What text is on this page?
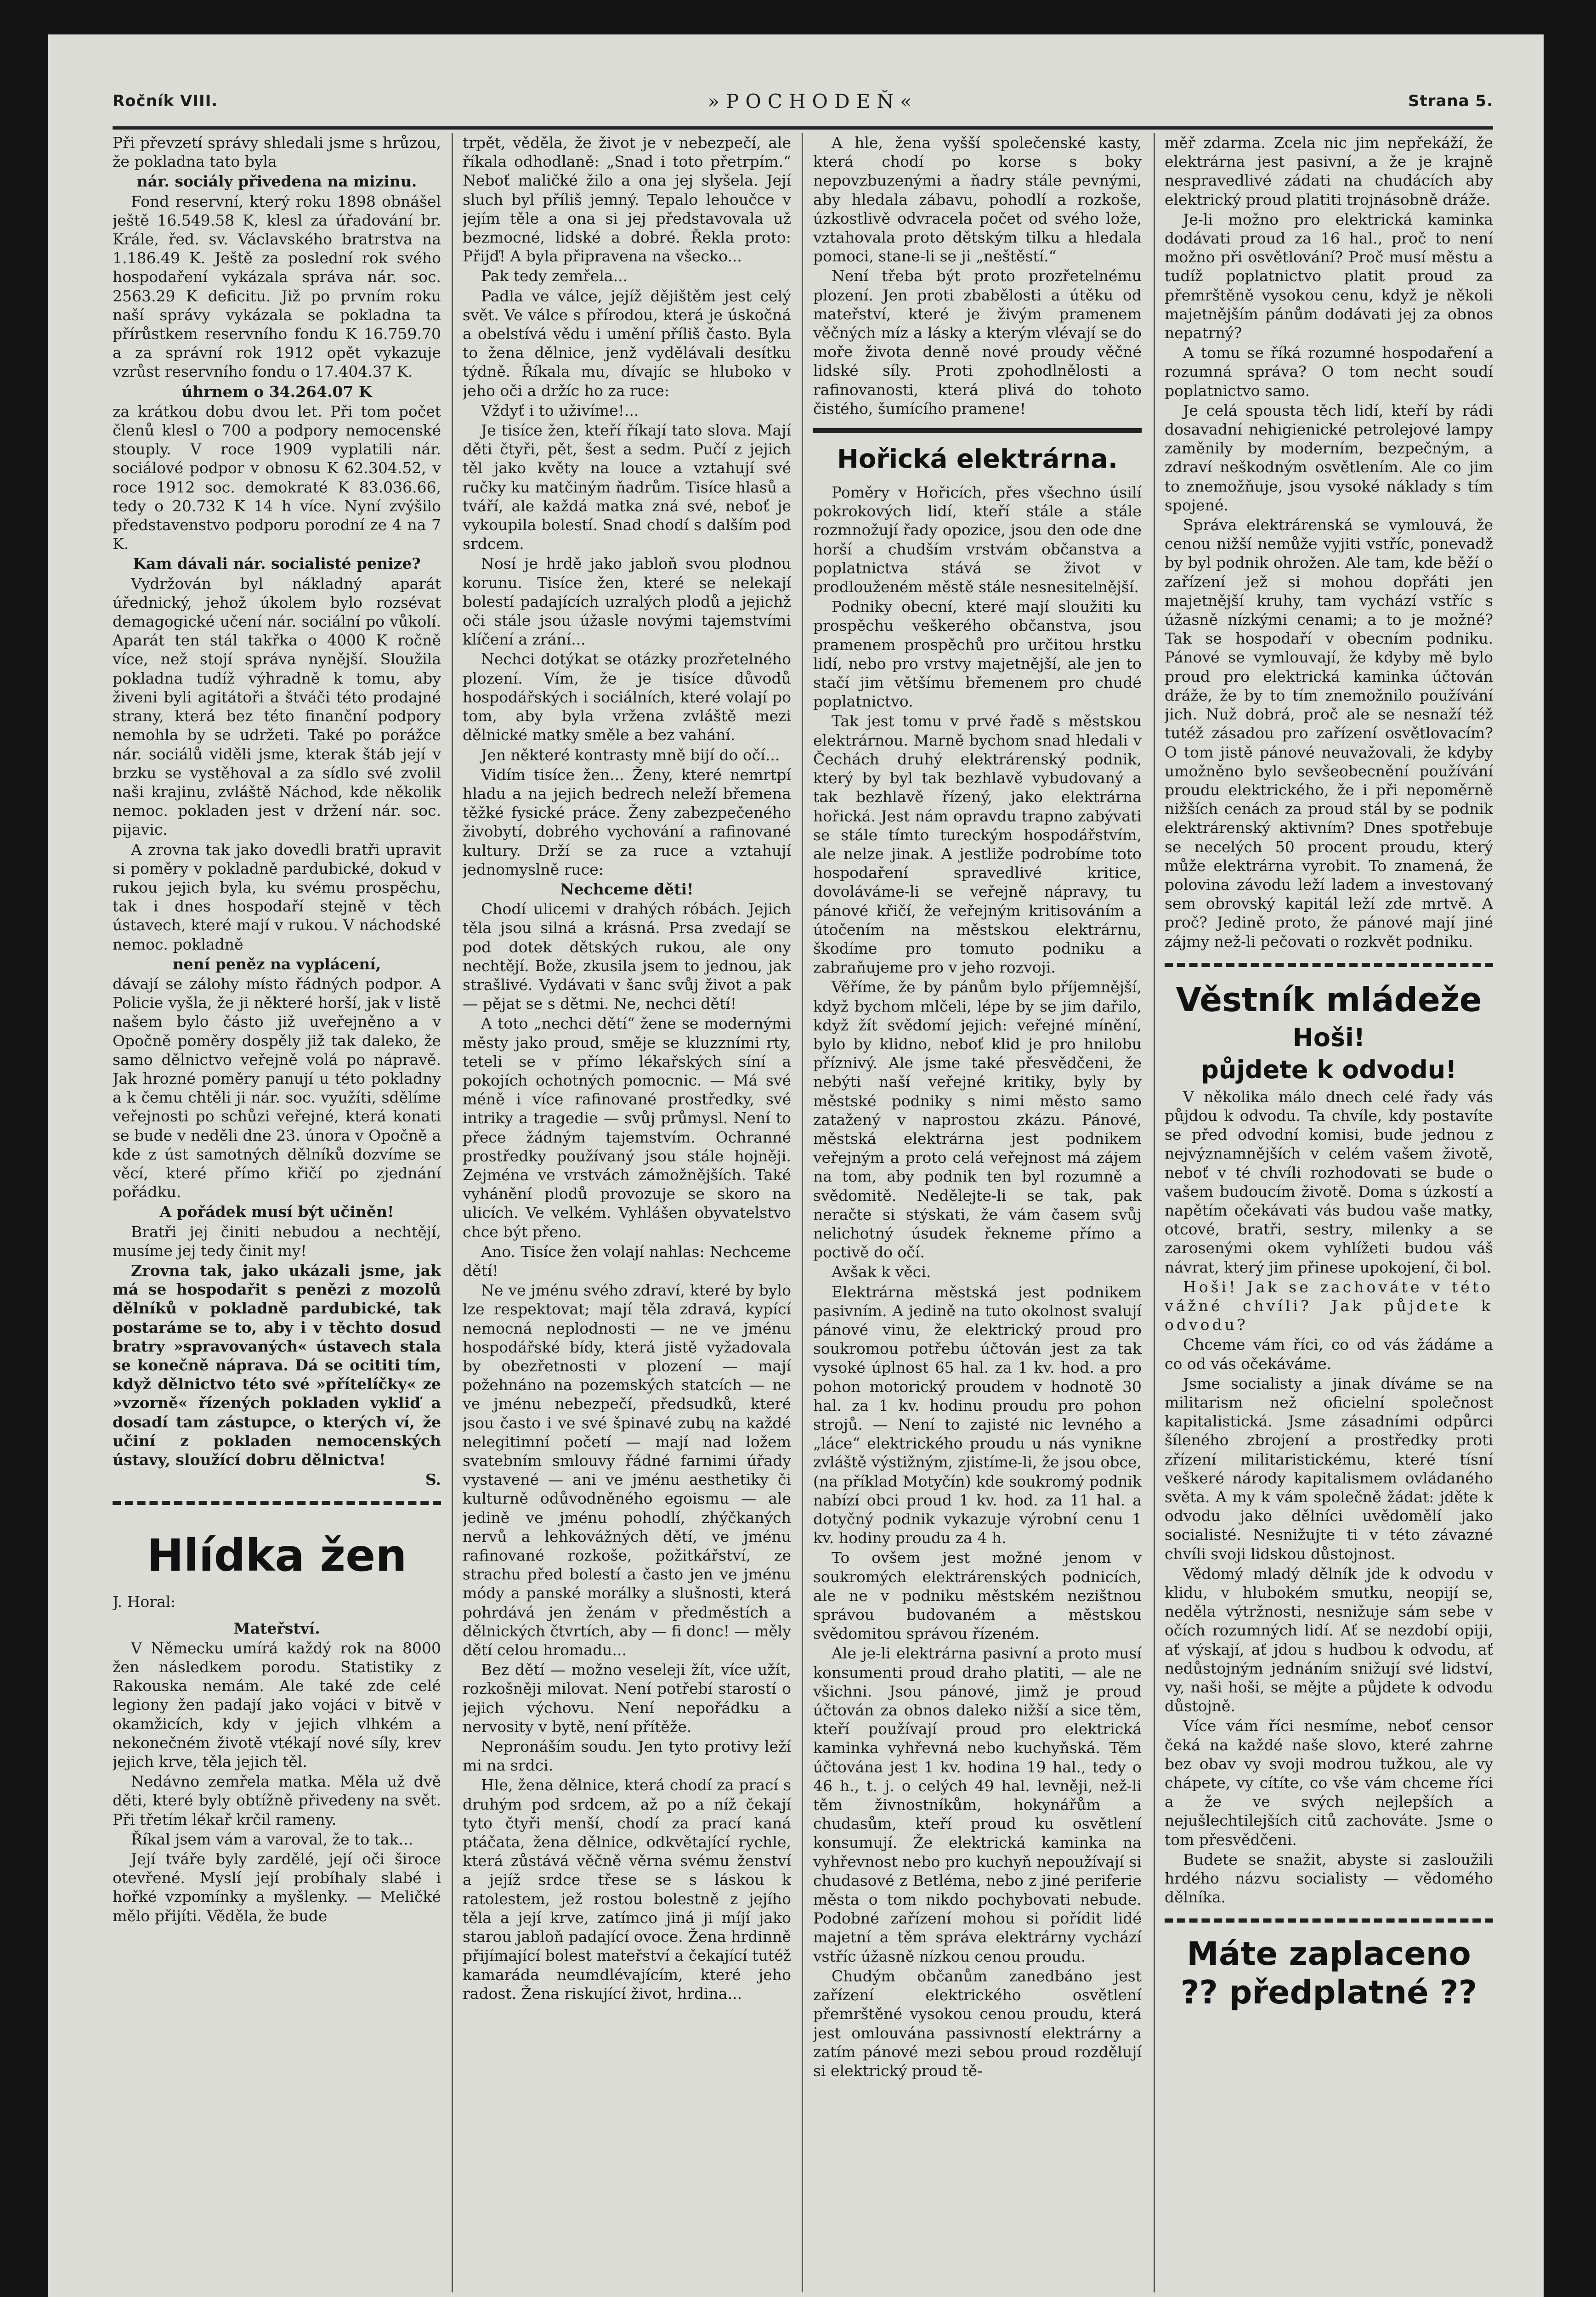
Ročník VIII.	»POCHODEŇ«	Strana 5.

Při převzetí správy shledali jsme s hrůzou, že pokladna tato byla

nár. sociály přivedena na mizinu.

Fond reservní, který roku 1898 obnášel ještě 16.549.58 K, klesl za úřadování br. Krále, řed. sv. Václavského bratrstva na 1.186.49 K. Ještě za poslední rok svého hospodaření vykázala správa nár. soc. 2563.29 K deficitu. Již po prvním roku naší správy vykázala se pokladna ta přírůstkem reservního fondu K 16.759.70 a za správní rok 1912 opět vykazuje vzrůst reservního fondu o 17.404.37 K.

úhrnem o 34.264.07 K

za krátkou dobu dvou let. Při tom počet členů klesl o 700 a podpory nemocenské stouply. V roce 1909 vyplatili nár. sociálové podpor v obnosu K 62.304.52, v roce 1912 soc. demokraté K 83.036.66, tedy o 20.732 K 14 h více. Nyní zvýšilo představenstvo podporu porodní ze 4 na 7 K.

Kam dávali nár. socialisté penize?

Vydržován byl nákladný aparát úřednický, jehož úkolem bylo rozsévat demagogické učení nár. sociální po vůkolí. Aparát ten stál takřka o 4000 K ročně více, než stojí správa nynější. Sloužila pokladna tudíž výhradně k tomu, aby živeni byli agitátoři a štváči této prodajné strany, která bez této finanční podpory nemohla by se udržeti. Také po porážce nár. sociálů viděli jsme, kterak štáb její v brzku se vystěhoval a za sídlo své zvolil naši krajinu, zvláště Náchod, kde několik nemoc. pokladen jest v držení nár. soc. pijavic.

A zrovna tak jako dovedli bratři upravit si poměry v pokladně pardubické, dokud v rukou jejich byla, ku svému prospěchu, tak i dnes hospodaří stejně v těch ústavech, které mají v rukou. V náchodské nemoc. pokladně

není peněz na vyplácení,

dávají se zálohy místo řádných podpor. A Policie vyšla, že ji některé horší, jak v listě našem bylo částo již uveřejněno a v Opočně poměry dospěly již tak daleko, že samo dělnictvo veřejně volá po nápravě. Jak hrozné poměry panují u této pokladny a k čemu chtěli ji nár. soc. využíti, sdělíme veřejnosti po schůzi veřejné, která konati se bude v neděli dne 23. února v Opočně a kde z úst samotných dělníků dozvíme se věcí, které přímo křičí po zjednání pořádku.

A pořádek musí být učiněn!

Bratři jej činiti nebudou a nechtějí, musíme jej tedy činit my!

Zrovna tak, jako ukázali jsme, jak má se hospodařit s penězi z mozolů dělníků v pokladně pardubické, tak postaráme se to, aby i v těchto dosud bratry »spravovaných« ústavech stala se konečně náprava. Dá se ocititi tím, když dělnictvo této své »přítelíčky« ze »vzorně« řízených pokladen vykliď a dosadí tam zástupce, o kterých ví, že učiní z pokladen nemocenských ústavy, sloužící dobru dělnictva!

S.
Hlídka žen

J. Horal:

Mateřství.

V Německu umírá každý rok na 8000 žen následkem porodu. Statistiky z Rakouska nemám. Ale také zde celé legiony žen padají jako vojáci v bitvě v okamžicích, kdy v jejich vlhkém a nekonečném životě vtékají nové síly, krev jejich krve, těla jejich těl.

Nedávno zemřela matka. Měla už dvě děti, které byly obtížně přivedeny na svět. Při třetím lékař krčil rameny.

Říkal jsem vám a varoval, že to tak...

Její tváře byly zardělé, její oči široce otevřené. Myslí její probíhaly slabé i hořké vzpomínky a myšlenky. — Meličké mělo přijíti. Věděla, že bude

trpět, věděla, že život je v nebezpečí, ale říkala odhodlaně: „Snad i toto přetrpím.“ Neboť maličké žilo a ona jej slyšela. Její sluch byl příliš jemný. Tepalo lehoučce v jejím těle a ona si jej představovala už bezmocné, lidské a dobré. Řekla proto: Přijď! A byla připravena na všecko...

Pak tedy zemřela...

Padla ve válce, jejíž dějištěm jest celý svět. Ve válce s přírodou, která je úskočná a obelstívá vědu i umění příliš často. Byla to žena dělnice, jenž vydělávali desítku týdně. Říkala mu, dívajíc se hluboko v jeho oči a držíc ho za ruce:

Vždyť i to uživíme!...

Je tisíce žen, kteří říkají tato slova. Mají děti čtyři, pět, šest a sedm. Pučí z jejich těl jako květy na louce a vztahují své ručky ku matčiným ňadrům. Tisíce hlasů a tváří, ale každá matka zná své, neboť je vykoupila bolestí. Snad chodí s dalším pod srdcem.

Nosí je hrdě jako jabloň svou plodnou korunu. Tisíce žen, které se nelekají bolestí padajících uzralých plodů a jejichž oči stále jsou úžasle novými tajemstvími klíčení a zrání...

Nechci dotýkat se otázky prozřetelného plození. Vím, že je tisíce důvodů hospodářských i sociálních, které volají po tom, aby byla vržena zvláště mezi dělnické matky směle a bez vahání.

Jen některé kontrasty mně bijí do očí...

Vidím tisíce žen... Ženy, které nemrtpí hladu a na jejich bedrech neleží břemena těžké fysické práce. Ženy zabezpečeného živobytí, dobrého vychování a rafinované kultury. Drží se za ruce a vztahují jednomyslně ruce:

Nechceme děti!

Chodí ulicemi v drahých róbách. Jejich těla jsou silná a krásná. Prsa zvedají se pod dotek dětských rukou, ale ony nechtějí. Bože, zkusila jsem to jednou, jak strašlivé. Vydávati v šanc svůj život a pak — pějat se s dětmi. Ne, nechci dětí!

A toto „nechci dětí“ žene se modernými městy jako proud, směje se kluzzními rty, teteli se v přímo lékařských síní a pokojích ochotných pomocnic. — Má své méně i více rafinované prostředky, své intriky a tragedie — svůj průmysl. Není to přece žádným tajemstvím. Ochranné prostředky používaný jsou stále hojněji. Zejména ve vrstvách zámožnějších. Také vyhánění plodů provozuje se skoro na ulicích. Ve velkém. Vyhlášen obyvatelstvo chce být přeno.

Ano. Tisíce žen volají nahlas: Nechceme dětí!

Ne ve jménu svého zdraví, které by bylo lze respektovat; mají těla zdravá, kypící nemocná neplodnosti — ne ve jménu hospodářské bídy, která jistě vyžadovala by obezřetnosti v plození — mají požehnáno na pozemských statcích — ne ve jménu nebezpečí, předsudků, které jsou často i ve své špinavé zubų na každé nelegitimní početí — mají nad ložem svatebním smlouvy řádné farnimi úřady vystavené — ani ve jménu aesthetiky či kulturně odůvodněného egoismu — ale jedině ve jménu pohodlí, zhýčkaných nervů a lehkovážných dětí, ve jménu rafinované rozkoše, požitkářství, ze strachu před bolestí a často jen ve jménu módy a panské morálky a slušnosti, která pohrdává jen ženám v předměstích a dělnických čtvrtích, aby — fi donc! — měly dětí celou hromadu...

Bez dětí — možno veseleji žít, více užít, rozkošněji milovat. Není potřebí starostí o jejich výchovu. Není nepořádku a nervosity v bytě, není přítěže.

Nepronáším soudu. Jen tyto protivy leží mi na srdci.

Hle, žena dělnice, která chodí za prací s druhým pod srdcem, až po a níž čekají tyto čtyři menší, chodí za prací kaná ptáčata, žena dělnice, odkvětající rychle, která zůstává věčně věrna svému ženství a jejíž srdce třese se s láskou k ratolestem, jež rostou bolestně z jejího těla a její krve, zatímco jiná ji míjí jako starou jabloň padající ovoce. Žena hrdinně přijímající bolest mateřství a čekající tutéž kamaráda neumdlévajícím, které jeho radost. Žena riskující život, hrdina...

A hle, žena vyšší společenské kasty, která chodí po korse s boky nepovzbuzenými a ňadry stále pevnými, aby hledala zábavu, pohodlí a rozkoše, úzkostlivě odvracela počet od svého lože, vztahovala proto dětským tilku a hledala pomoci, stane-li se ji „neštěstí.“

Není třeba být proto prozřetelnému plození. Jen proti zbabělosti a útěku od mateřství, které je živým pramenem věčných míz a lásky a kterým vlévají se do moře života denně nové proudy věčné lidské síly. Proti zpohodlnělosti a rafinovanosti, která plivá do tohoto čistého, šumícího pramene!

Hořická elektrárna.

Poměry v Hořicích, přes všechno úsilí pokrokových lidí, kteří stále a stále rozmnožují řady opozice, jsou den ode dne horší a chudším vrstvám občanstva a poplatnictva stává se život v prodlouženém městě stále nesnesitelnější.

Podniky obecní, které mají sloužiti ku prospěchu veškerého občanstva, jsou pramenem prospěchů pro určitou hrstku lidí, nebo pro vrstvy majetnější, ale jen to stačí jim většímu břemenem pro chudé poplatnictvo.

Tak jest tomu v prvé řadě s městskou elektrárnou. Marně bychom snad hledali v Čechách druhý elektrárenský podnik, který by byl tak bezhlavě vybudovaný a tak bezhlavě řízený, jako elektrárna hořická. Jest nám opravdu trapno zabývati se stále tímto tureckým hospodářstvím, ale nelze jinak. A jestliže podrobíme toto hospodaření spravedlivé kritice, dovoláváme-li se veřejně nápravy, tu pánové křičí, že veřejným kritisováním a útočením na městskou elektrárnu, škodíme pro tomuto podniku a zabraňujeme pro v jeho rozvoji.

Věříme, že by pánům bylo příjemnější, když bychom mlčeli, lépe by se jim dařilo, když žít svědomí jejich: veřejné mínění, bylo by klidno, neboť klid je pro hnilobu příznivý. Ale jsme také přesvědčeni, že nebýti naší veřejné kritiky, byly by městské podniky s nimi město samo zatažený v naprostou zkázu. Pánové, městská elektrárna jest podnikem veřejným a proto celá veřejnost má zájem na tom, aby podnik ten byl rozumně a svědomitě. Nedělejte-li se tak, pak neračte si stýskati, že vám časem svůj nelichotný úsudek řekneme přímo a poctivě do očí.

Avšak k věci.

Elektrárna městská jest podnikem pasivním. A jedině na tuto okolnost svalují pánové vinu, že elektrický proud pro soukromou potřebu účtován jest za tak vysoké úplnost 65 hal. za 1 kv. hod. a pro pohon motorický proudem v hodnotě 30 hal. za 1 kv. hodinu proudu pro pohon strojů. — Není to zajisté nic levného a „láce“ elektrického proudu u nás vynikne zvláště výstižným, zjistíme-li, že jsou obce, (na příklad Motyčín) kde soukromý podnik nabízí obci proud 1 kv. hod. za 11 hal. a dotyčný podnik vykazuje výrobní cenu 1 kv. hodiny proudu za 4 h.

To ovšem jest možné jenom v soukromých elektrárenských podnicích, ale ne v podniku městském nezištnou správou budovaném a městskou svědomitou správou řízeném.

Ale je-li elektrárna pasivní a proto musí konsumenti proud draho platiti, — ale ne všichni. Jsou pánové, jimž je proud účtován za obnos daleko nižší a sice těm, kteří používají proud pro elektrická kaminka vyhřevná nebo kuchyňská. Těm účtována jest 1 kv. hodina 19 hal., tedy o 46 h., t. j. o celých 49 hal. levněji, než-li těm živnostníkům, hokynářům a chudasům, kteří proud ku osvětlení konsumují. Že elektrická kaminka na vyhřevnost nebo pro kuchyň nepoužívají si chudasové z Betléma, nebo z jiné periferie města o tom nikdo pochybovati nebude. Podobné zařízení mohou si pořídit lidé majetní a těm správa elektrárny vychází vstříc úžasně nízkou cenou proudu.

Chudým občanům zanedbáno jest zařízení elektrického osvětlení přemrštěné vysokou cenou proudu, která jest omlouvána passivností elektrárny a zatím pánové mezi sebou proud rozdělují si elektrický proud tě-

měř zdarma. Zcela nic jim nepřekáží, že elektrárna jest pasivní, a že je krajně nespravedlivé zádati na chudácích aby elektrický proud platiti trojnásobně dráže.

Je-li možno pro elektrická kaminka dodávati proud za 16 hal., proč to není možno při osvětlování? Proč musí městu a tudíž poplatnictvo platit proud za přemrštěně vysokou cenu, když je několi majetnějším pánům dodávati jej za obnos nepatrný?

A tomu se říká rozumné hospodaření a rozumná správa? O tom necht soudí poplatnictvo samo.

Je celá spousta těch lidí, kteří by rádi dosavadní nehigienické petrolejové lampy zaměnily by moderním, bezpečným, a zdraví neškodným osvětlením. Ale co jim to znemožňuje, jsou vysoké náklady s tím spojené.

Správa elektrárenská se vymlouvá, že cenou nižší nemůže vyjiti vstříc, ponevadž by byl podnik ohrožen. Ale tam, kde běží o zařízení jež si mohou dopřáti jen majetnější kruhy, tam vychází vstříc s úžasně nízkými cenami; a to je možné? Tak se hospodaří v obecním podniku. Pánové se vymlouvají, že kdyby mě bylo proud pro elektrická kaminka účtován dráže, že by to tím znemožnilo používání jich. Nuž dobrá, proč ale se nesnaží též tutéž zásadou pro zařízení osvětlovacím? O tom jistě pánové neuvažovali, že kdyby umožněno bylo sevšeobecnění používání proudu elektrického, že i při nepoměrně nižších cenách za proud stál by se podnik elektrárenský aktivním? Dnes spotřebuje se necelých 50 procent proudu, který může elektrárna vyrobit. To znamená, že polovina závodu leží ladem a investovaný sem obrovský kapitál leží zde mrtvě. A proč? Jedině proto, že pánové mají jiné zájmy než-li pečovati o rozkvět podniku.

Věstník mládeže
Hoši!
půjdete k odvodu!

V několika málo dnech celé řady vás půjdou k odvodu. Ta chvíle, kdy postavíte se před odvodní komisi, bude jednou z nejvýznamnějších v celém vašem životě, neboť v té chvíli rozhodovati se bude o vašem budoucím životě. Doma s úzkostí a napětím očekávati vás budou vaše matky, otcové, bratři, sestry, milenky a se zarosenými okem vyhlížeti budou váš návrat, který jim přinese upokojení, či bol.

Hoši! Jak se zachováte v této vážné chvíli? Jak půjdete k odvodu?

Chceme vám říci, co od vás žádáme a co od vás očekáváme.

Jsme socialisty a jinak díváme se na militarism než oficielní společnost kapitalistická. Jsme zásadními odpůrci šíleného zbrojení a prostředky proti zřízení militaristickému, které tísní veškeré národy kapitalismem ovládaného světa. A my k vám společně žádat: jděte k odvodu jako dělníci uvědomělí jako socialisté. Nesnižujte ti v této závazné chvíli svoji lidskou důstojnost.

Vědomý mladý dělník jde k odvodu v klidu, v hlubokém smutku, neopijí se, neděla výtržnosti, nesnižuje sám sebe v očích rozumných lidí. Ať se nezdobí opiji, ať výskají, ať jdou s hudbou k odvodu, ať nedůstojným jednáním snižují své lidství, vy, naši hoši, se mějte a půjdete k odvodu důstojně.

Více vám říci nesmíme, neboť censor čeká na každé naše slovo, které zahrne bez obav vy svoji modrou tužkou, ale vy chápete, vy cítíte, co vše vám chceme říci a že ve svých nejlepších a nejušlechtilejších citů zachováte. Jsme o tom přesvědčeni.

Budete se snažit, abyste si zasloužili hrdého názvu socialisty — vědomého dělníka.

Máte zaplaceno
?? předplatné ??
